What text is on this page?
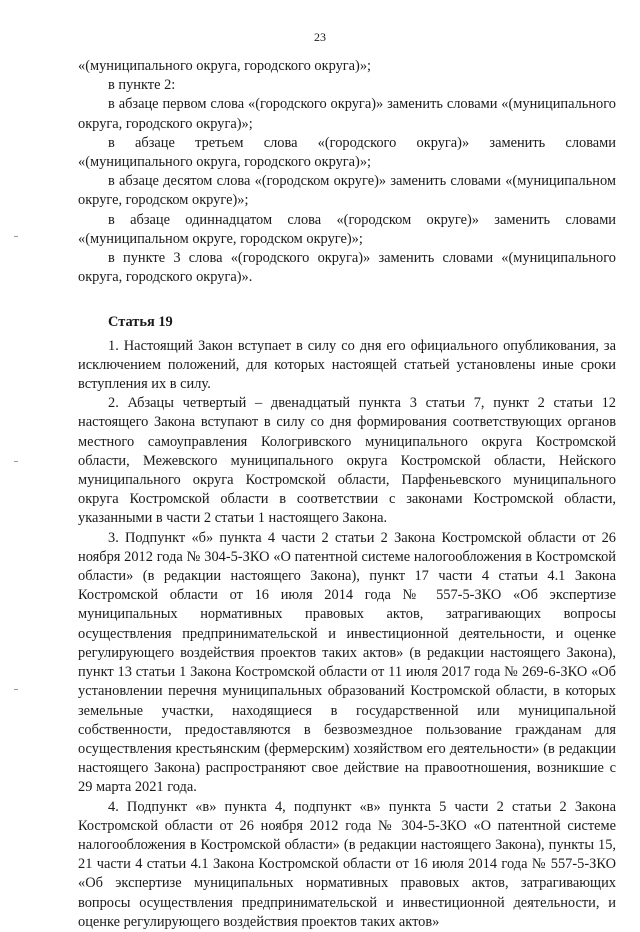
23

«(муниципального округа, городского округа)»;

в пункте 2:

в абзаце первом слова «(городского округа)» заменить словами «(муниципального округа, городского округа)»;

в абзаце третьем слова «(городского округа)» заменить словами «(муниципального округа, городского округа)»;

в абзаце десятом слова «(городском округе)» заменить словами «(муниципальном округе, городском округе)»;

в абзаце одиннадцатом слова «(городском округе)» заменить словами «(муниципальном округе, городском округе)»;

в пункте 3 слова «(городского округа)» заменить словами «(муниципального округа, городского округа)».

Статья 19

1. Настоящий Закон вступает в силу со дня его официального опубликования, за исключением положений, для которых настоящей статьей установлены иные сроки вступления их в силу.

2. Абзацы четвертый – двенадцатый пункта 3 статьи 7, пункт 2 статьи 12 настоящего Закона вступают в силу со дня формирования соответствующих органов местного самоуправления Кологривского муниципального округа Костромской области, Межевского муниципального округа Костромской области, Нейского муниципального округа Костромской области, Парфеньевского муниципального округа Костромской области в соответствии с законами Костромской области, указанными в части 2 статьи 1 настоящего Закона.

3. Подпункт «б» пункта 4 части 2 статьи 2 Закона Костромской области от 26 ноября 2012 года № 304-5-ЗКО «О патентной системе налогообложения в Костромской области» (в редакции настоящего Закона), пункт 17 части 4 статьи 4.1 Закона Костромской области от 16 июля 2014 года № 557-5-ЗКО «Об экспертизе муниципальных нормативных правовых актов, затрагивающих вопросы осуществления предпринимательской и инвестиционной деятельности, и оценке регулирующего воздействия проектов таких актов» (в редакции настоящего Закона), пункт 13 статьи 1 Закона Костромской области от 11 июля 2017 года № 269-6-ЗКО «Об установлении перечня муниципальных образований Костромской области, в которых земельные участки, находящиеся в государственной или муниципальной собственности, предоставляются в безвозмездное пользование гражданам для осуществления крестьянским (фермерским) хозяйством его деятельности» (в редакции настоящего Закона) распространяют свое действие на правоотношения, возникшие с 29 марта 2021 года.

4. Подпункт «в» пункта 4, подпункт «в» пункта 5 части 2 статьи 2 Закона Костромской области от 26 ноября 2012 года № 304-5-ЗКО «О патентной системе налогообложения в Костромской области» (в редакции настоящего Закона), пункты 15, 21 части 4 статьи 4.1 Закона Костромской области от 16 июля 2014 года № 557-5-ЗКО «Об экспертизе муниципальных нормативных правовых актов, затрагивающих вопросы осуществления предпринимательской и инвестиционной деятельности, и оценке регулирующего воздействия проектов таких актов»
